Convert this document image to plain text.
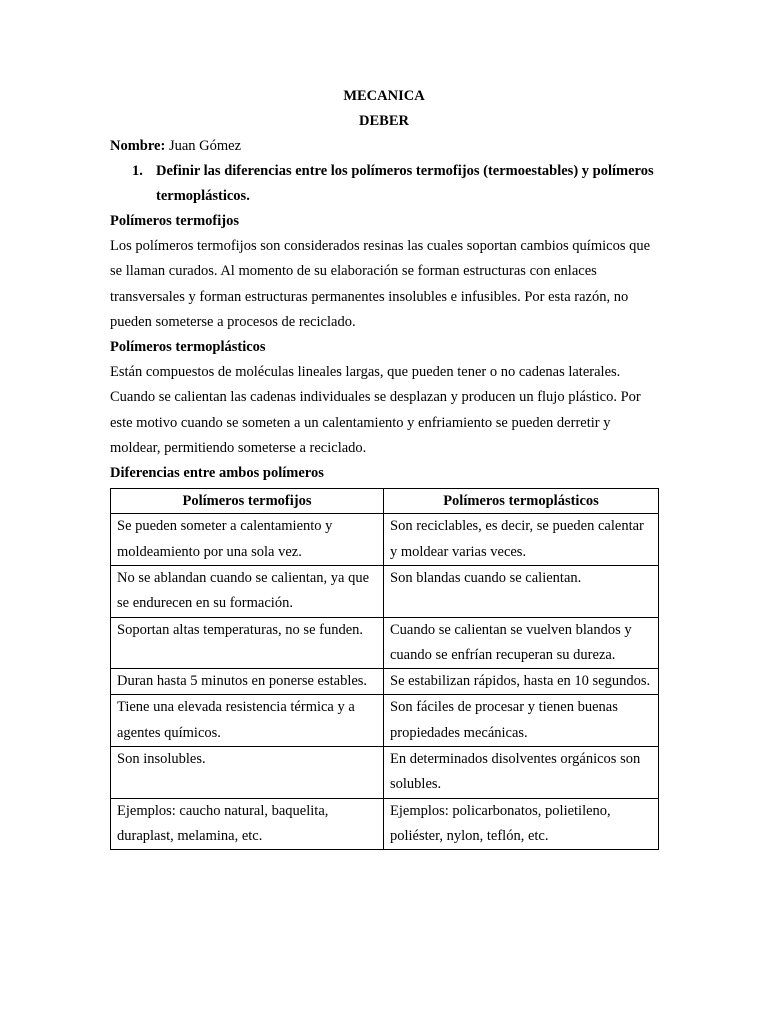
MECANICA
DEBER
Nombre: Juan Gómez
1. Definir las diferencias entre los polímeros termofijos (termoestables) y polímeros termoplásticos.
Polímeros termofijos
Los polímeros termofijos son considerados resinas las cuales soportan cambios químicos que se llaman curados. Al momento de su elaboración se forman estructuras con enlaces transversales y forman estructuras permanentes insolubles e infusibles. Por esta razón, no pueden someterse a procesos de reciclado.
Polímeros termoplásticos
Están compuestos de moléculas lineales largas, que pueden tener o no cadenas laterales. Cuando se calientan las cadenas individuales se desplazan y producen un flujo plástico. Por este motivo cuando se someten a un calentamiento y enfriamiento se pueden derretir y moldear, permitiendo someterse a reciclado.
Diferencias entre ambos polímeros
Polímeros termofijos	Polímeros termoplásticos
Se pueden someter a calentamiento y moldeamiento por una sola vez.	Son reciclables, es decir, se pueden calentar y moldear varias veces.
No se ablandan cuando se calientan, ya que se endurecen en su formación.	Son blandas cuando se calientan.
Soportan altas temperaturas, no se funden.	Cuando se calientan se vuelven blandos y cuando se enfrían recuperan su dureza.
Duran hasta 5 minutos en ponerse estables.	Se estabilizan rápidos, hasta en 10 segundos.
Tiene una elevada resistencia térmica y a agentes químicos.	Son fáciles de procesar y tienen buenas propiedades mecánicas.
Son insolubles.	En determinados disolventes orgánicos son solubles.
Ejemplos: caucho natural, baquelita, duraplast, melamina, etc.	Ejemplos: policarbonatos, polietileno, poliéster, nylon, teflón, etc.
